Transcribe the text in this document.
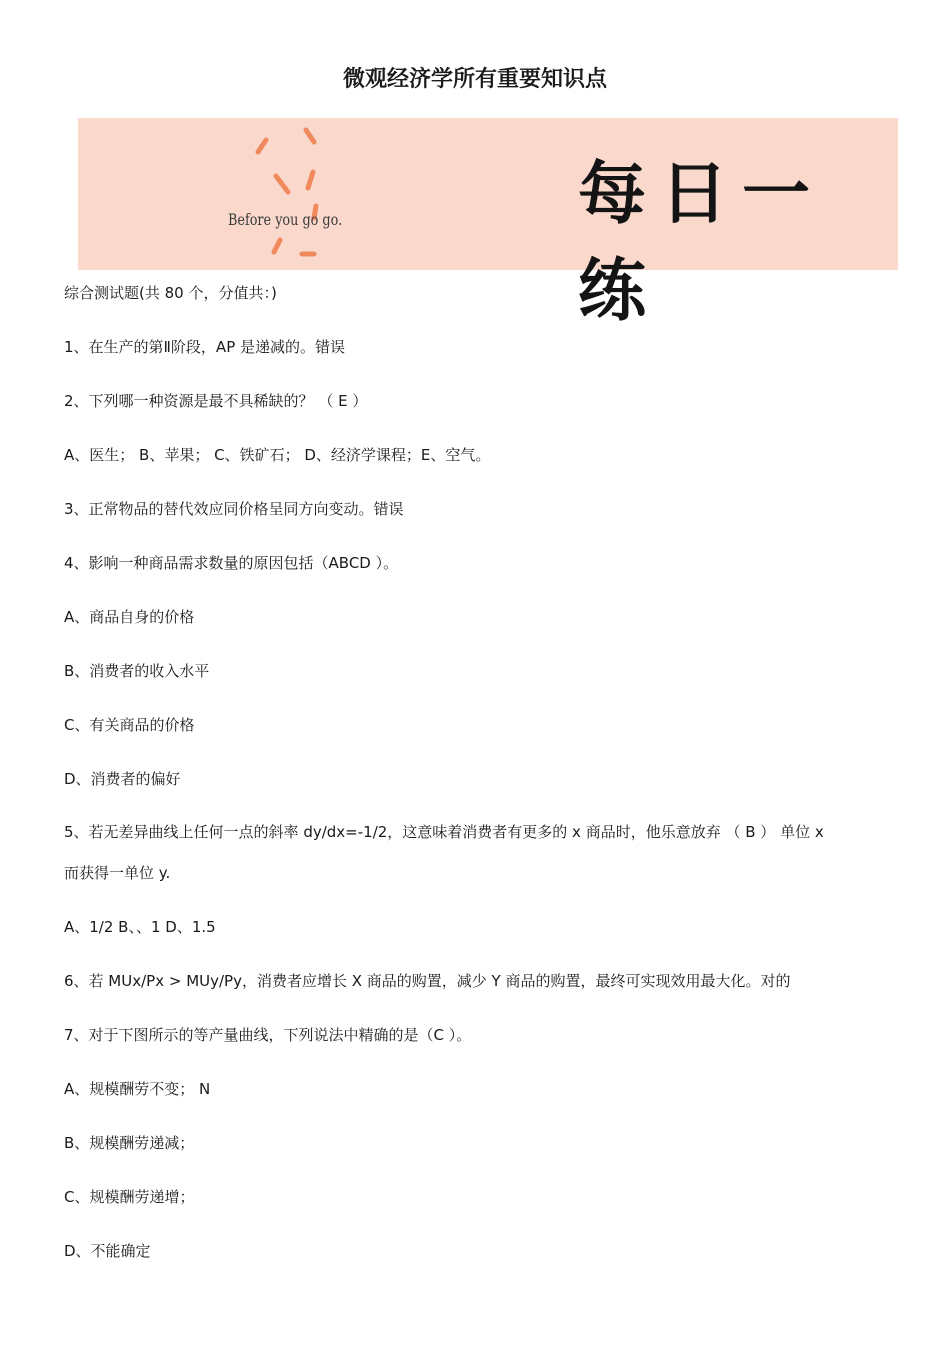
微观经济学所有重要知识点
Before you go go.	每日一练
综合测试题(共 80 个，分值共：)
1、在生产的第Ⅱ阶段，AP 是递减的。错误
2、下列哪一种资源是最不具稀缺的？ （ E ）
A、医生； B、苹果； C、铁矿石； D、经济学课程；E、空气。
3、正常物品的替代效应同价格呈同方向变动。错误
4、影响一种商品需求数量的原因包括（ABCD ）。
A、商品自身的价格
B、消费者的收入水平
C、有关商品的价格
D、消费者的偏好
5、若无差异曲线上任何一点的斜率 dy/dx=-1/2，这意味着消费者有更多的 x 商品时，他乐意放弃 （ B ） 单位 x
而获得一单位 y.
A、1/2 B、、1 D、1.5
6、若 MUx/Px > MUy/Py，消费者应增长 X 商品的购置，减少 Y 商品的购置，最终可实现效用最大化。对的
7、对于下图所示的等产量曲线，下列说法中精确的是（C ）。
A、规模酬劳不变； N
B、规模酬劳递减；
C、规模酬劳递增；
D、不能确定
